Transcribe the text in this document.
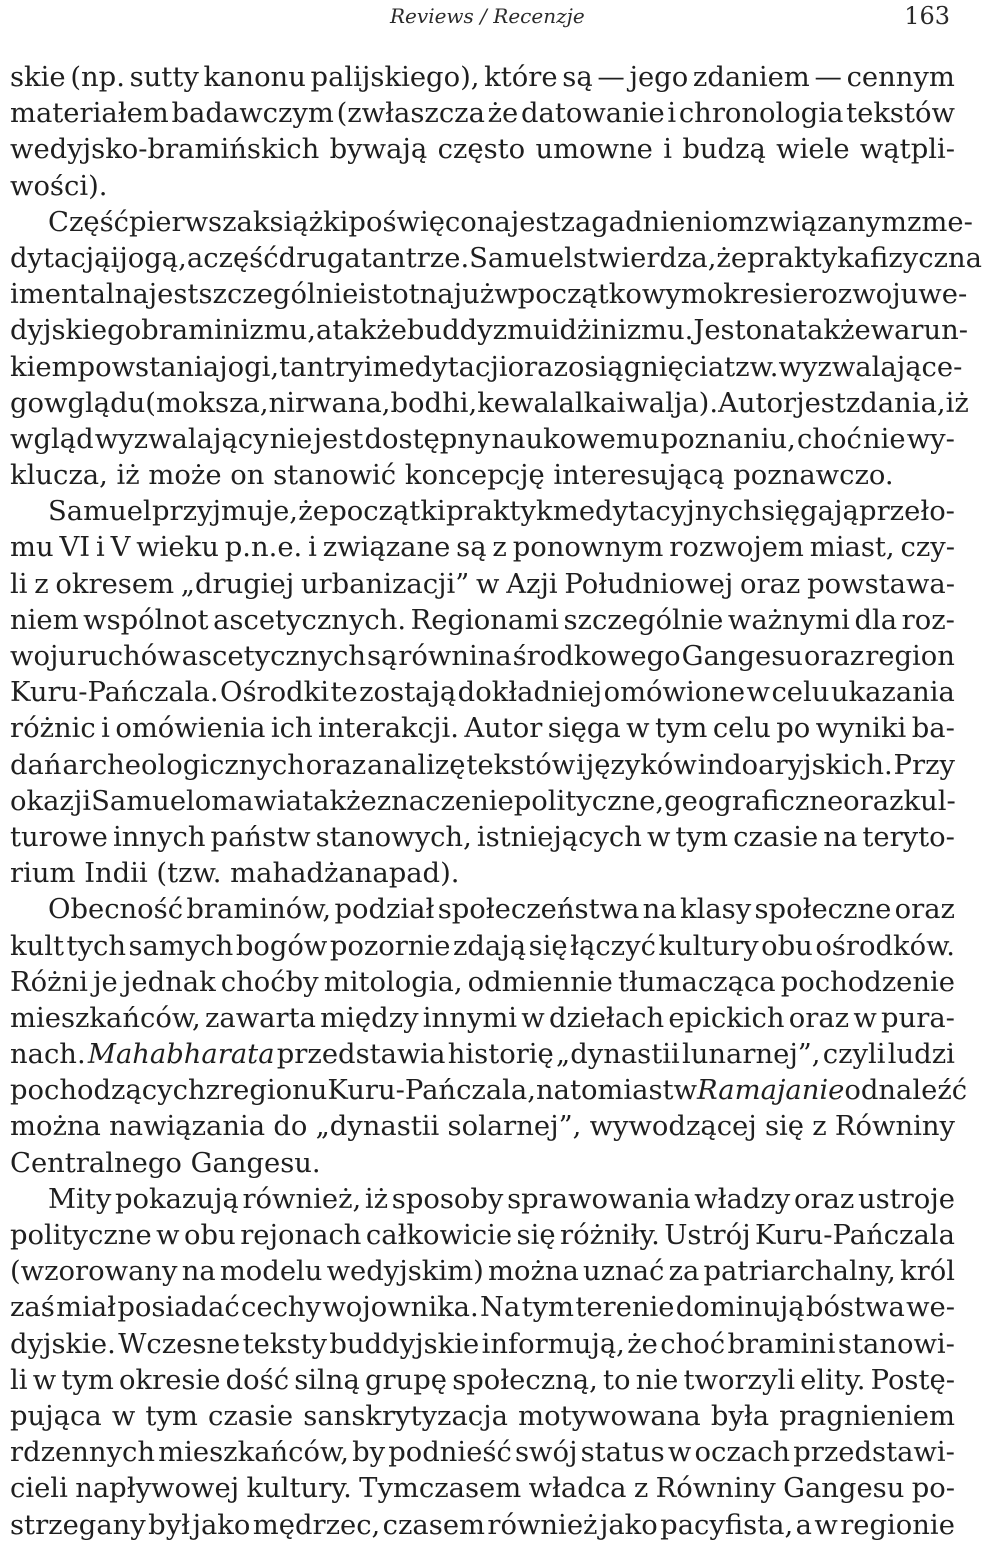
Reviews / Recenzje	163
skie (np. sutty kanonu palijskiego), które są — jego zdaniem — cennym
materiałem badawczym (zwłaszcza że datowanie i chronologia tekstów
wedyjsko-bramińskich bywają często umowne i budzą wiele wątpli-
wości).
Część pierwsza książki poświęcona jest zagadnieniom związanym z me-
dytacją i jogą, a część druga tantrze. Samuel stwierdza, że praktyka fizyczna
i mentalna jest szczególnie istotna już w początkowym okresie rozwoju we-
dyjskiego braminizmu, a także buddyzmu i dżinizmu. Jest ona także warun-
kiem powstania jogi, tantry i medytacji oraz osiągnięcia tzw. wyzwalające-
go wglądu (moksza, nirwana, bodhi, kewalal kaiwalja). Autor jest zdania, iż
wgląd wyzwalający nie jest dostępny naukowemu poznaniu, choć nie wy-
klucza, iż może on stanowić koncepcję interesującą poznawczo.
Samuel przyjmuje, że początki praktyk medytacyjnych sięgają przeło-
mu VI i V wieku p.n.e. i związane są z ponownym rozwojem miast, czy-
li z okresem „drugiej urbanizacji” w Azji Południowej oraz powstawa-
niem wspólnot ascetycznych. Regionami szczególnie ważnymi dla roz-
woju ruchów ascetycznych są równina środkowego Gangesu oraz region
Kuru-Pańczala. Ośrodki te zostają dokładniej omówione w celu ukazania
różnic i omówienia ich interakcji. Autor sięga w tym celu po wyniki ba-
dań archeologicznych oraz analizę tekstów i języków indoaryjskich. Przy
okazji Samuel omawia także znaczenie polityczne, geograficzne oraz kul-
turowe innych państw stanowych, istniejących w tym czasie na teryto-
rium Indii (tzw. mahadżanapad).
Obecność braminów, podział społeczeństwa na klasy społeczne oraz
kult tych samych bogów pozornie zdają się łączyć kultury obu ośrodków.
Różni je jednak choćby mitologia, odmiennie tłumacząca pochodzenie
mieszkańców, zawarta między innymi w dziełach epickich oraz w pura-
nach. Mahabharata przedstawia historię „dynastii lunarnej”, czyli ludzi
pochodzących z regionu Kuru-Pańczala, natomiast w Ramajanie odnaleźć
można nawiązania do „dynastii solarnej”, wywodzącej się z Równiny
Centralnego Gangesu.
Mity pokazują również, iż sposoby sprawowania władzy oraz ustroje
polityczne w obu rejonach całkowicie się różniły. Ustrój Kuru-Pańczala
(wzorowany na modelu wedyjskim) można uznać za patriarchalny, król
zaś miał posiadać cechy wojownika. Na tym terenie dominują bóstwa we-
dyjskie. Wczesne teksty buddyjskie informują, że choć bramini stanowi-
li w tym okresie dość silną grupę społeczną, to nie tworzyli elity. Postę-
pująca w tym czasie sanskrytyzacja motywowana była pragnieniem
rdzennych mieszkańców, by podnieść swój status w oczach przedstawi-
cieli napływowej kultury. Tymczasem władca z Równiny Gangesu po-
strzegany był jako mędrzec, czasem również jako pacyfista, a w regionie
